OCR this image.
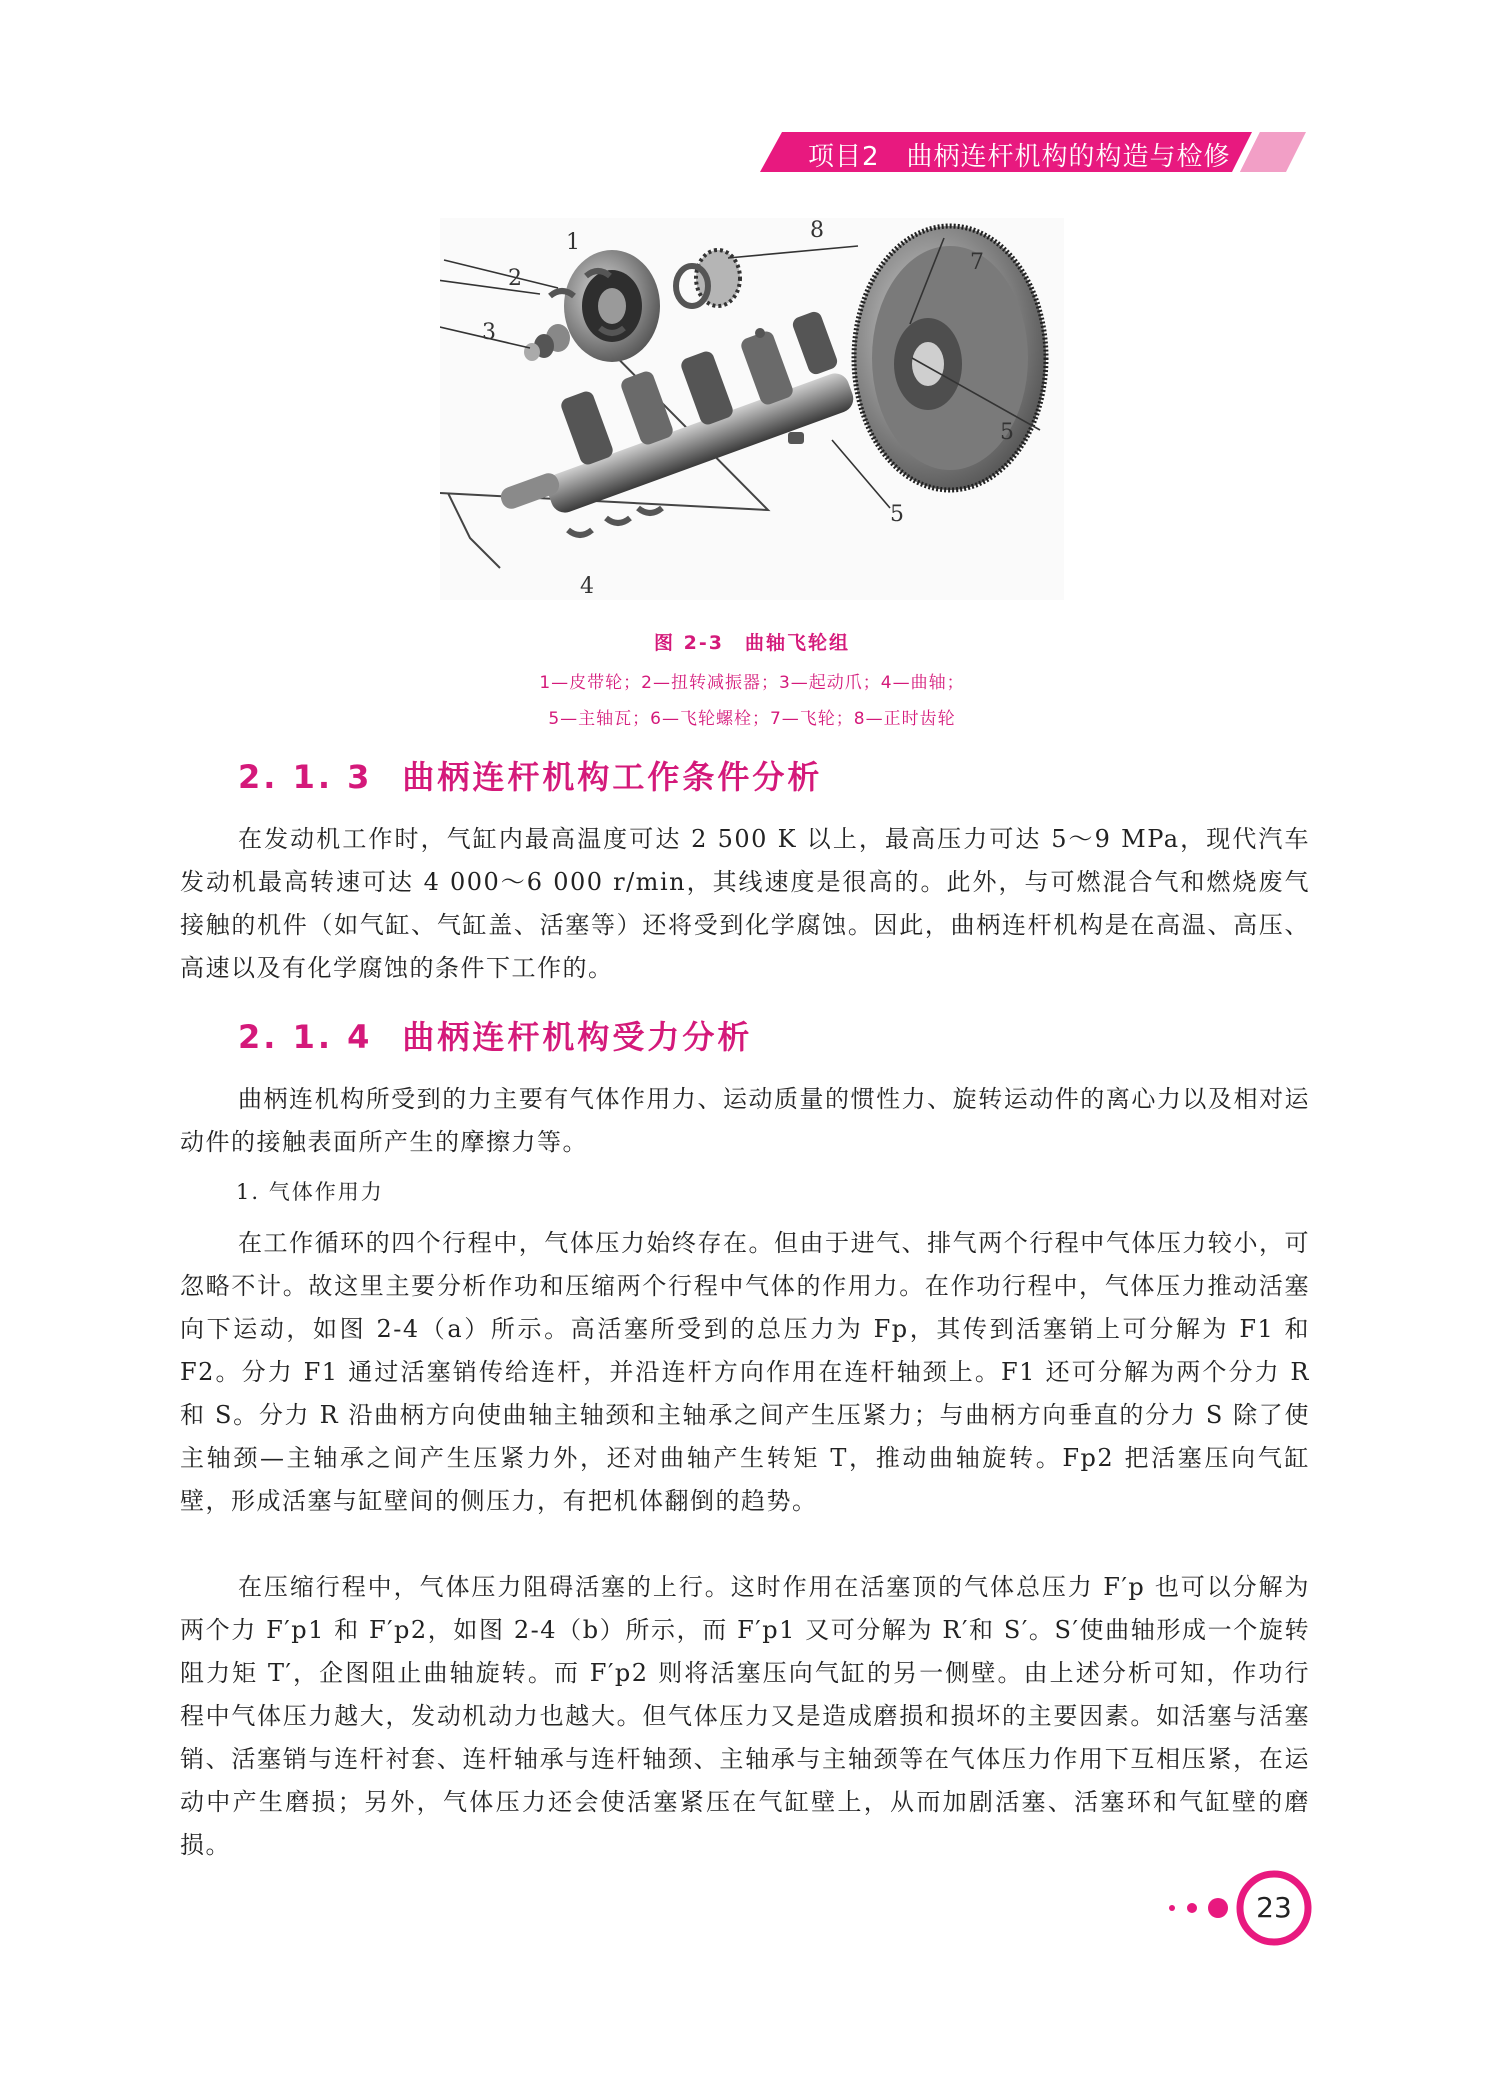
项目2　曲柄连杆机构的构造与检修
1
2
3
4
5
5
7
8
图 2-3　曲轴飞轮组
1—皮带轮；2—扭转减振器；3—起动爪；4—曲轴；
5—主轴瓦；6—飞轮螺栓；7—飞轮；8—正时齿轮
2. 1. 3 曲柄连杆机构工作条件分析
在发动机工作时，气缸内最高温度可达 2 500 K 以上，最高压力可达 5～9 MPa，现代汽车发动机最高转速可达 4 000～6 000 r/min，其线速度是很高的。此外，与可燃混合气和燃烧废气接触的机件（如气缸、气缸盖、活塞等）还将受到化学腐蚀。因此，曲柄连杆机构是在高温、高压、高速以及有化学腐蚀的条件下工作的。
2. 1. 4 曲柄连杆机构受力分析
曲柄连机构所受到的力主要有气体作用力、运动质量的惯性力、旋转运动件的离心力以及相对运动件的接触表面所产生的摩擦力等。
1. 气体作用力
在工作循环的四个行程中，气体压力始终存在。但由于进气、排气两个行程中气体压力较小，可忽略不计。故这里主要分析作功和压缩两个行程中气体的作用力。在作功行程中，气体压力推动活塞向下运动，如图 2-4（a）所示。高活塞所受到的总压力为 Fp，其传到活塞销上可分解为 F1 和 F2。分力 F1 通过活塞销传给连杆，并沿连杆方向作用在连杆轴颈上。F1 还可分解为两个分力 R 和 S。分力 R 沿曲柄方向使曲轴主轴颈和主轴承之间产生压紧力；与曲柄方向垂直的分力 S 除了使主轴颈—主轴承之间产生压紧力外，还对曲轴产生转矩 T，推动曲轴旋转。Fp2 把活塞压向气缸壁，形成活塞与缸壁间的侧压力，有把机体翻倒的趋势。
在压缩行程中，气体压力阻碍活塞的上行。这时作用在活塞顶的气体总压力 F′p 也可以分解为两个力 F′p1 和 F′p2，如图 2-4（b）所示，而 F′p1 又可分解为 R′和 S′。S′使曲轴形成一个旋转阻力矩 T′，企图阻止曲轴旋转。而 F′p2 则将活塞压向气缸的另一侧壁。由上述分析可知，作功行程中气体压力越大，发动机动力也越大。但气体压力又是造成磨损和损坏的主要因素。如活塞与活塞销、活塞销与连杆衬套、连杆轴承与连杆轴颈、主轴承与主轴颈等在气体压力作用下互相压紧，在运动中产生磨损；另外，气体压力还会使活塞紧压在气缸壁上，从而加剧活塞、活塞环和气缸壁的磨损。
23
